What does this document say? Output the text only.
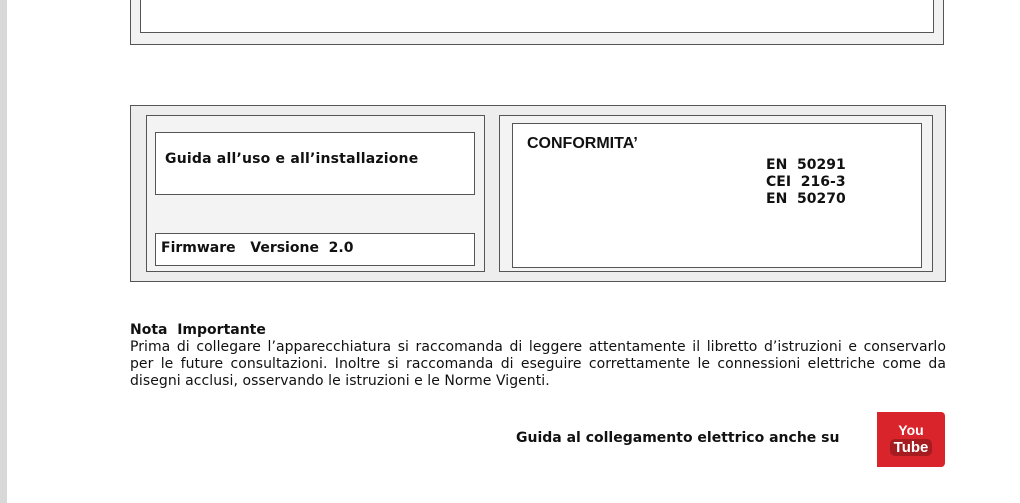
Guida all’uso e all’installazione
Firmware   Versione  2.0
CONFORMITA’
EN  50291
CEI  216-3
EN  50270
Nota  Importante

Prima di collegare l’apparecchiatura si raccomanda di leggere attentamente il libretto d’istruzioni e conservarlo per le future consultazioni. Inoltre si raccomanda di eseguire correttamente le connessioni elettriche come da disegni acclusi, osservando le istruzioni e le Norme Vigenti.

Guida al collegamento elettrico anche su	You
Tube
